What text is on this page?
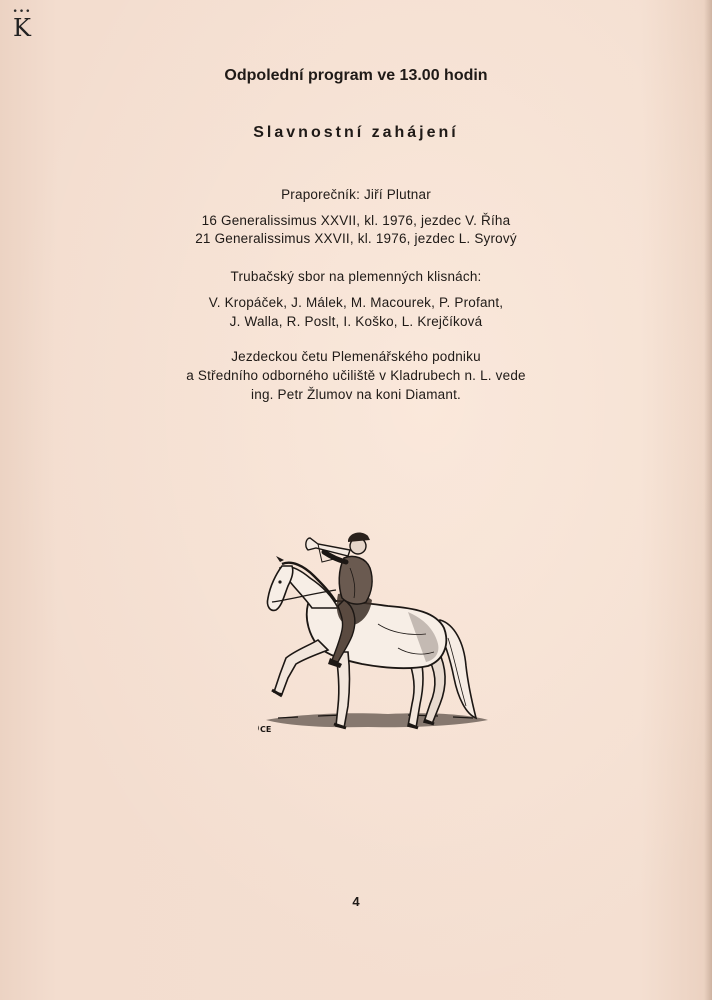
•••
K
Odpolední program ve 13.00 hodin
Slavnostní zahájení
Praporečník: Jiří Plutnar
16 Generalissimus XXVII, kl. 1976, jezdec V. Říha
21 Generalissimus XXVII, kl. 1976, jezdec L. Syrový
Trubačský sbor na plemenných klisnách:
V. Kropáček, J. Málek, M. Macourek, P. Profant,
J. Walla, R. Poslt, I. Koško, L. Krejčíková
Jezdeckou četu Plemenářského podniku
a Středního odborného učiliště v Kladrubech n. L. vede
ing. Petr Žlumov na koni Diamant.
CE
4
